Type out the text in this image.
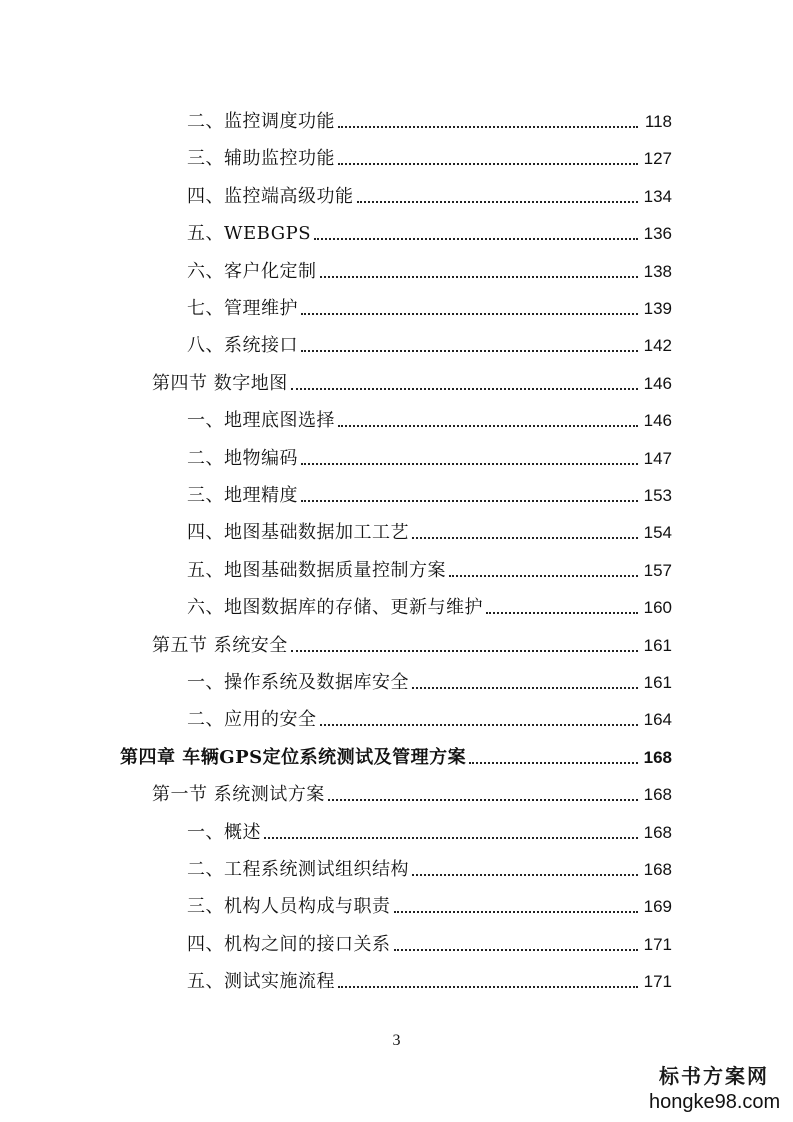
二、监控调度功能	118
三、辅助监控功能	127
四、监控端高级功能	134
五、WEBGPS	136
六、客户化定制	138
七、管理维护	139
八、系统接口	142
第四节 数字地图	146
一、地理底图选择	146
二、地物编码	147
三、地理精度	153
四、地图基础数据加工工艺	154
五、地图基础数据质量控制方案	157
六、地图数据库的存储、更新与维护	160
第五节 系统安全	161
一、操作系统及数据库安全	161
二、应用的安全	164
第四章 车辆GPS定位系统测试及管理方案	168
第一节 系统测试方案	168
一、概述	168
二、工程系统测试组织结构	168
三、机构人员构成与职责	169
四、机构之间的接口关系	171
五、测试实施流程	171
3
标书方案网
hongke98.com
